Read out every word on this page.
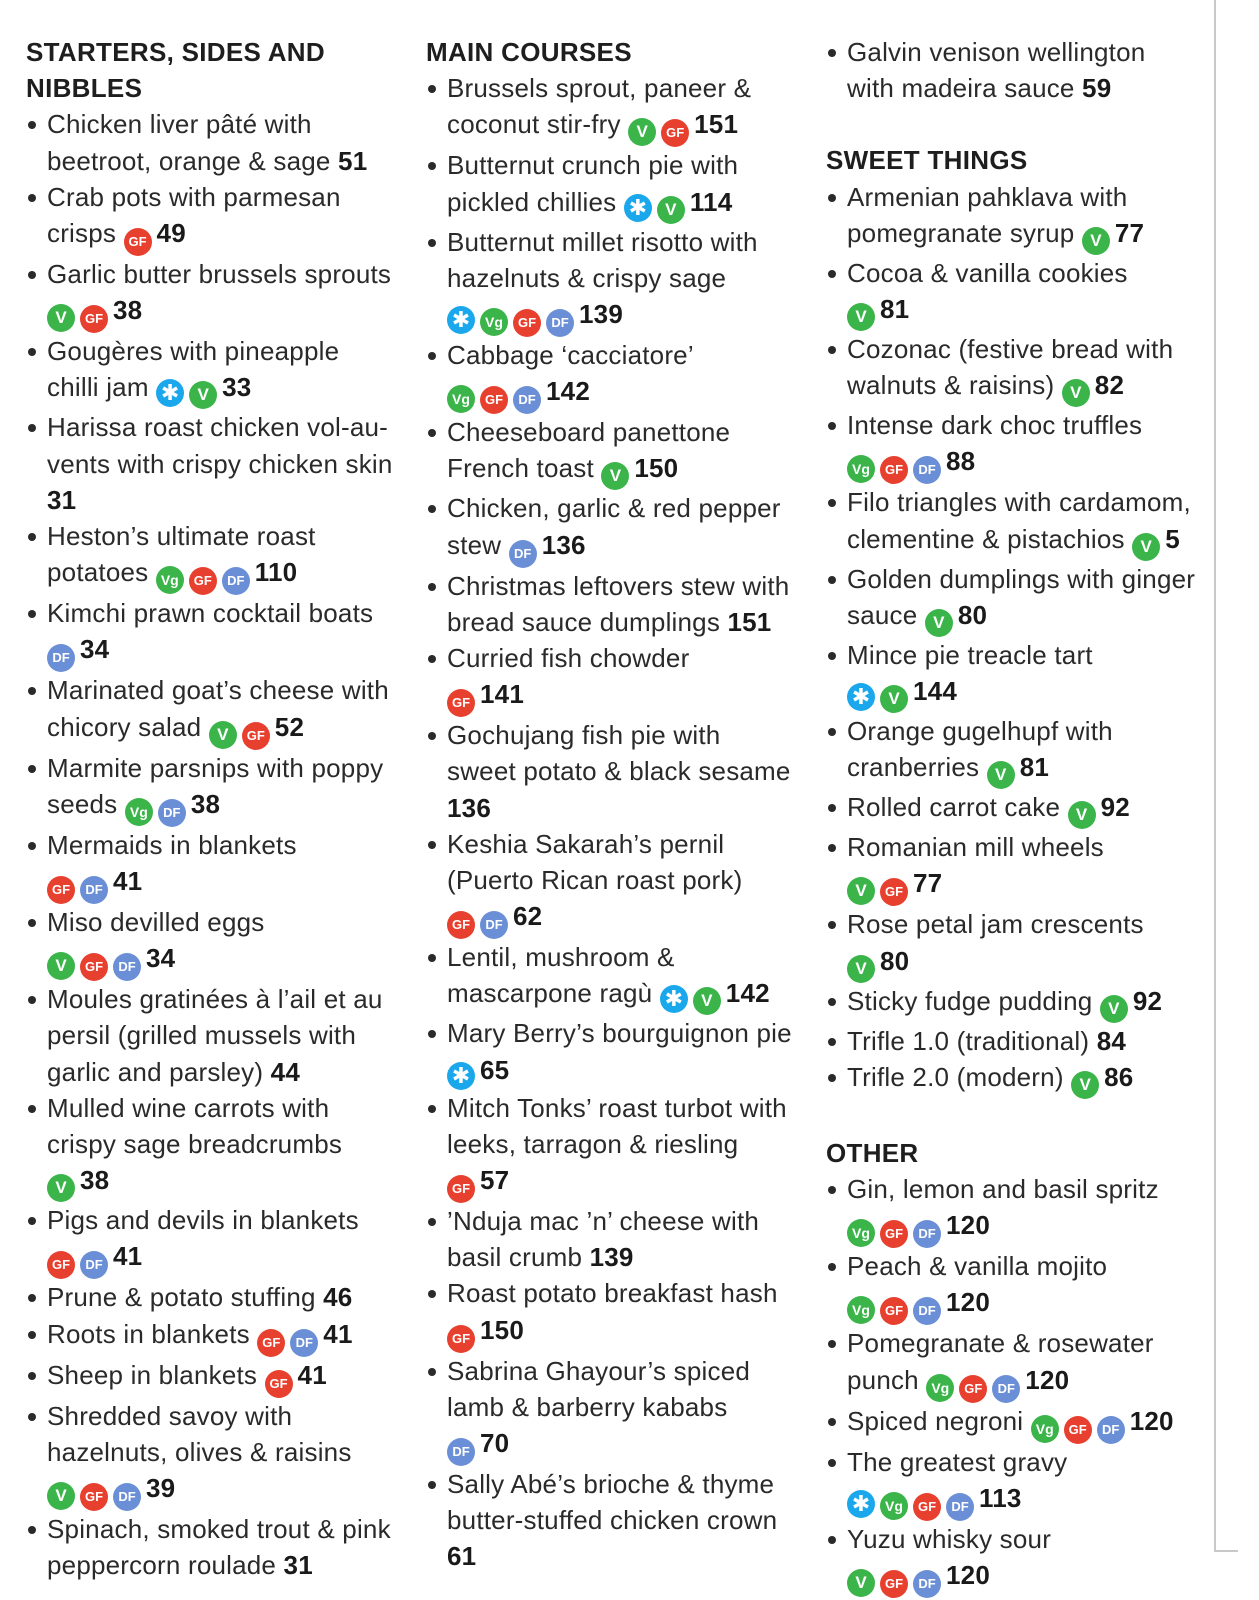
STARTERS, SIDES AND NIBBLES
Chicken liver pâté with beetroot, orange & sage 51
Crab pots with parmesan crisps GF 49
Garlic butter brussels sprouts V GF 38
Gougères with pineapple chilli jam ✱ V 33
Harissa roast chicken vol-au-vents with crispy chicken skin 31
Heston’s ultimate roast potatoes Vg GF DF 110
Kimchi prawn cocktail boats DF 34
Marinated goat’s cheese with chicory salad V GF 52
Marmite parsnips with poppy seeds Vg DF 38
Mermaids in blankets
GF DF 41
Miso devilled eggs
V GF DF 34
Moules gratinées à l’ail et au persil (grilled mussels with garlic and parsley) 44
Mulled wine carrots with crispy sage breadcrumbs
V 38
Pigs and devils in blankets
GF DF 41
Prune & potato stuffing 46
Roots in blankets GF DF 41
Sheep in blankets GF 41
Shredded savoy with hazelnuts, olives & raisins
V GF DF 39
Spinach, smoked trout & pink peppercorn roulade 31
MAIN COURSES
Brussels sprout, paneer & coconut stir-fry V GF 151
Butternut crunch pie with pickled chillies ✱ V 114
Butternut millet risotto with hazelnuts & crispy sage ✱ Vg GF DF 139
Cabbage ‘cacciatore’
Vg GF DF 142
Cheeseboard panettone French toast V 150
Chicken, garlic & red pepper stew DF 136
Christmas leftovers stew with bread sauce dumplings 151
Curried fish chowder
GF 141
Gochujang fish pie with sweet potato & black sesame 136
Keshia Sakarah’s pernil (Puerto Rican roast pork)
GF DF 62
Lentil, mushroom & mascarpone ragù ✱ V 142
Mary Berry’s bourguignon pie ✱ 65
Mitch Tonks’ roast turbot with leeks, tarragon & riesling GF 57
’Nduja mac ’n’ cheese with basil crumb 139
Roast potato breakfast hash GF 150
Sabrina Ghayour’s spiced lamb & barberry kababs
DF 70
Sally Abé’s brioche & thyme butter-stuffed chicken crown 61
Galvin venison wellington with madeira sauce 59
SWEET THINGS
Armenian pahklava with pomegranate syrup V 77
Cocoa & vanilla cookies
V 81
Cozonac (festive bread with walnuts & raisins) V 82
Intense dark choc truffles
Vg GF DF 88
Filo triangles with cardamom, clementine & pistachios V 5
Golden dumplings with ginger sauce V 80
Mince pie treacle tart
✱ V 144
Orange gugelhupf with cranberries V 81
Rolled carrot cake V 92
Romanian mill wheels
V GF 77
Rose petal jam crescents
V 80
Sticky fudge pudding V 92
Trifle 1.0 (traditional) 84
Trifle 2.0 (modern) V 86
OTHER
Gin, lemon and basil spritz Vg GF DF 120
Peach & vanilla mojito
Vg GF DF 120
Pomegranate & rosewater punch Vg GF DF 120
Spiced negroni Vg GF DF 120
The greatest gravy
✱ Vg GF DF 113
Yuzu whisky sour
V GF DF 120
